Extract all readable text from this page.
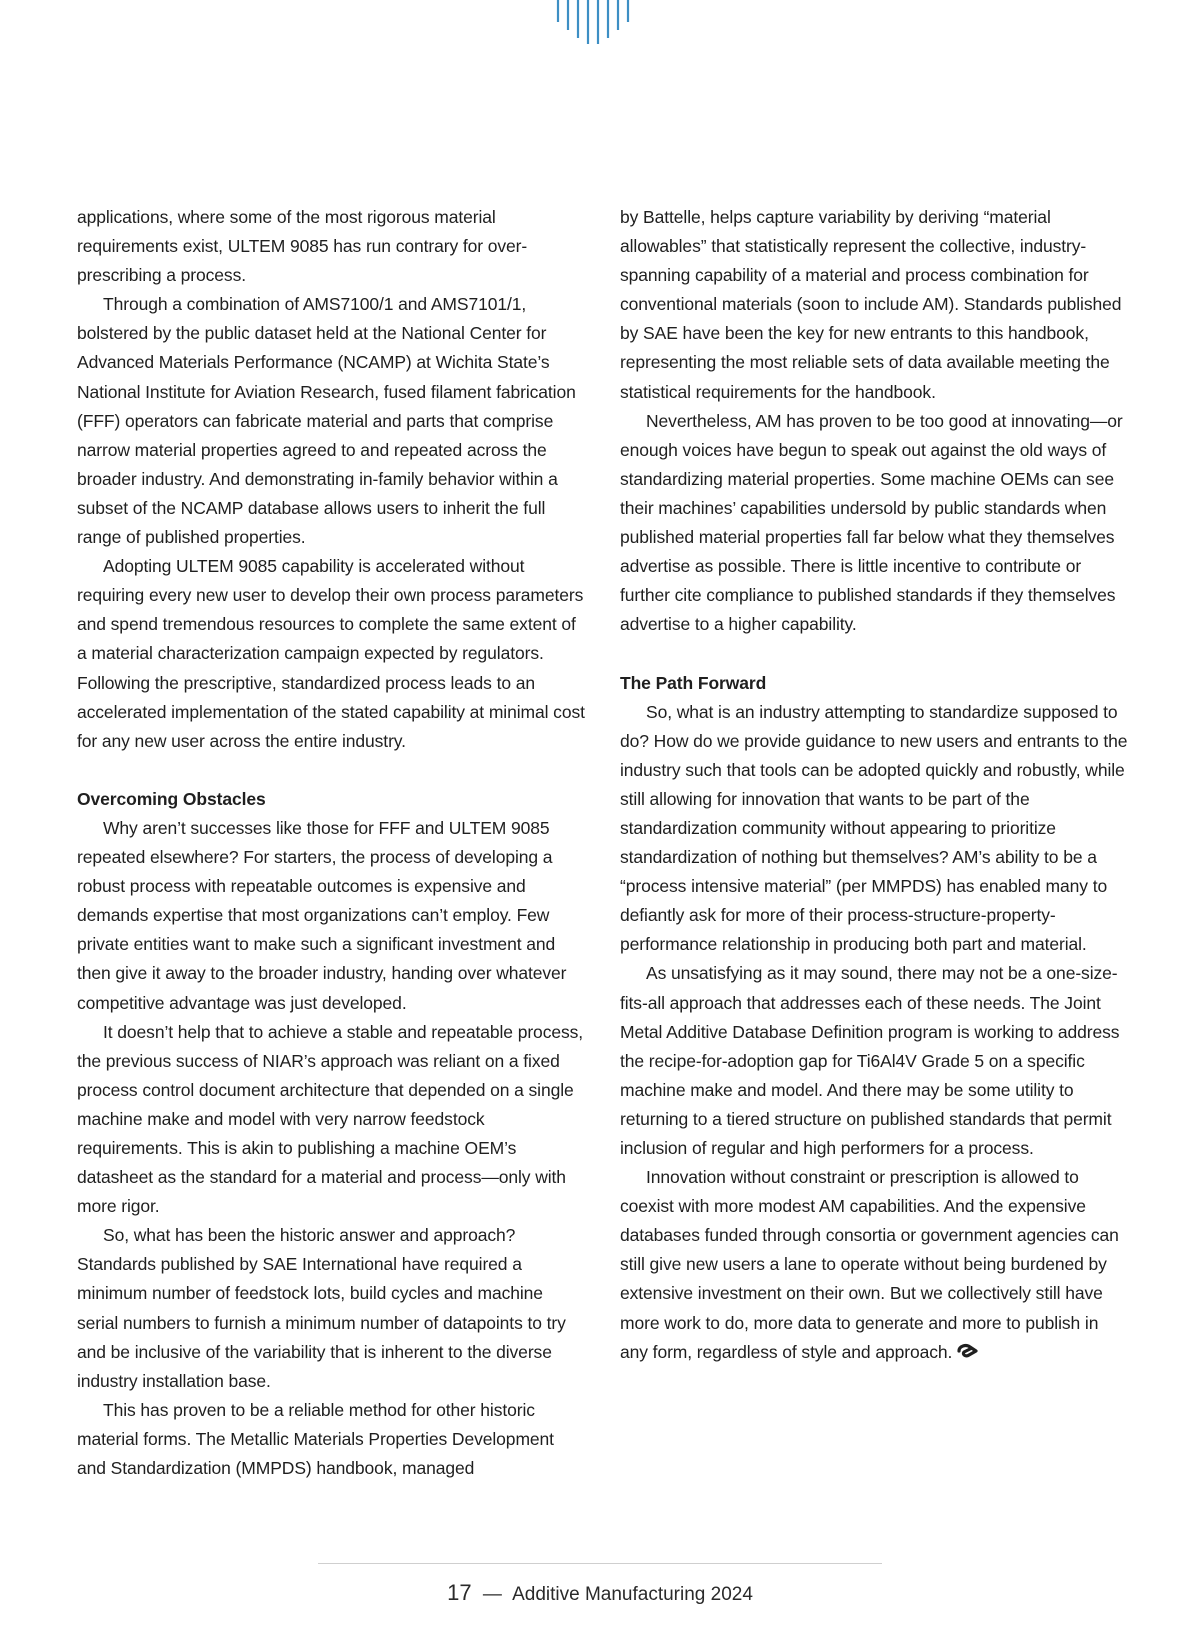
applications, where some of the most rigorous material requirements exist, ULTEM 9085 has run contrary for over-prescribing a process.

Through a combination of AMS7100/1 and AMS7101/1, bolstered by the public dataset held at the National Center for Advanced Materials Performance (NCAMP) at Wichita State’s National Institute for Aviation Research, fused filament fabrication (FFF) operators can fabricate material and parts that comprise narrow material properties agreed to and repeated across the broader industry. And demonstrating in-family behavior within a subset of the NCAMP database allows users to inherit the full range of published properties.

Adopting ULTEM 9085 capability is accelerated without requiring every new user to develop their own process parameters and spend tremendous resources to complete the same extent of a material characterization campaign expected by regulators. Following the prescriptive, standardized process leads to an accelerated implementation of the stated capability at minimal cost for any new user across the entire industry.

Overcoming Obstacles

Why aren’t successes like those for FFF and ULTEM 9085 repeated elsewhere? For starters, the process of developing a robust process with repeatable outcomes is expensive and demands expertise that most organizations can’t employ. Few private entities want to make such a significant investment and then give it away to the broader industry, handing over whatever competitive advantage was just developed.

It doesn’t help that to achieve a stable and repeatable process, the previous success of NIAR’s approach was reliant on a fixed process control document architecture that depended on a single machine make and model with very narrow feedstock requirements. This is akin to publishing a machine OEM’s datasheet as the standard for a material and process—only with more rigor.

So, what has been the historic answer and approach? Standards published by SAE International have required a minimum number of feedstock lots, build cycles and machine serial numbers to furnish a minimum number of datapoints to try and be inclusive of the variability that is inherent to the diverse industry installation base.

This has proven to be a reliable method for other historic material forms. The Metallic Materials Properties Development and Standardization (MMPDS) handbook, managed

by Battelle, helps capture variability by deriving “material allowables” that statistically represent the collective, industry-spanning capability of a material and process combination for conventional materials (soon to include AM). Standards published by SAE have been the key for new entrants to this handbook, representing the most reliable sets of data available meeting the statistical requirements for the handbook.

Nevertheless, AM has proven to be too good at innovating—or enough voices have begun to speak out against the old ways of standardizing material properties. Some machine OEMs can see their machines’ capabilities undersold by public standards when published material properties fall far below what they themselves advertise as possible. There is little incentive to contribute or further cite compliance to published standards if they themselves advertise to a higher capability.

The Path Forward

So, what is an industry attempting to standardize supposed to do? How do we provide guidance to new users and entrants to the industry such that tools can be adopted quickly and robustly, while still allowing for innovation that wants to be part of the standardization community without appearing to prioritize standardization of nothing but themselves? AM’s ability to be a “process intensive material” (per MMPDS) has enabled many to defiantly ask for more of their process-structure-property-performance relationship in producing both part and material.

As unsatisfying as it may sound, there may not be a one-size-fits-all approach that addresses each of these needs. The Joint Metal Additive Database Definition program is working to address the recipe-for-adoption gap for Ti6Al4V Grade 5 on a specific machine make and model. And there may be some utility to returning to a tiered structure on published standards that permit inclusion of regular and high performers for a process.

Innovation without constraint or prescription is allowed to coexist with more modest AM capabilities. And the expensive databases funded through consortia or government agencies can still give new users a lane to operate without being burdened by extensive investment on their own. But we collectively still have more work to do, more data to generate and more to publish in any form, regardless of style and approach.

17 — Additive Manufacturing 2024
